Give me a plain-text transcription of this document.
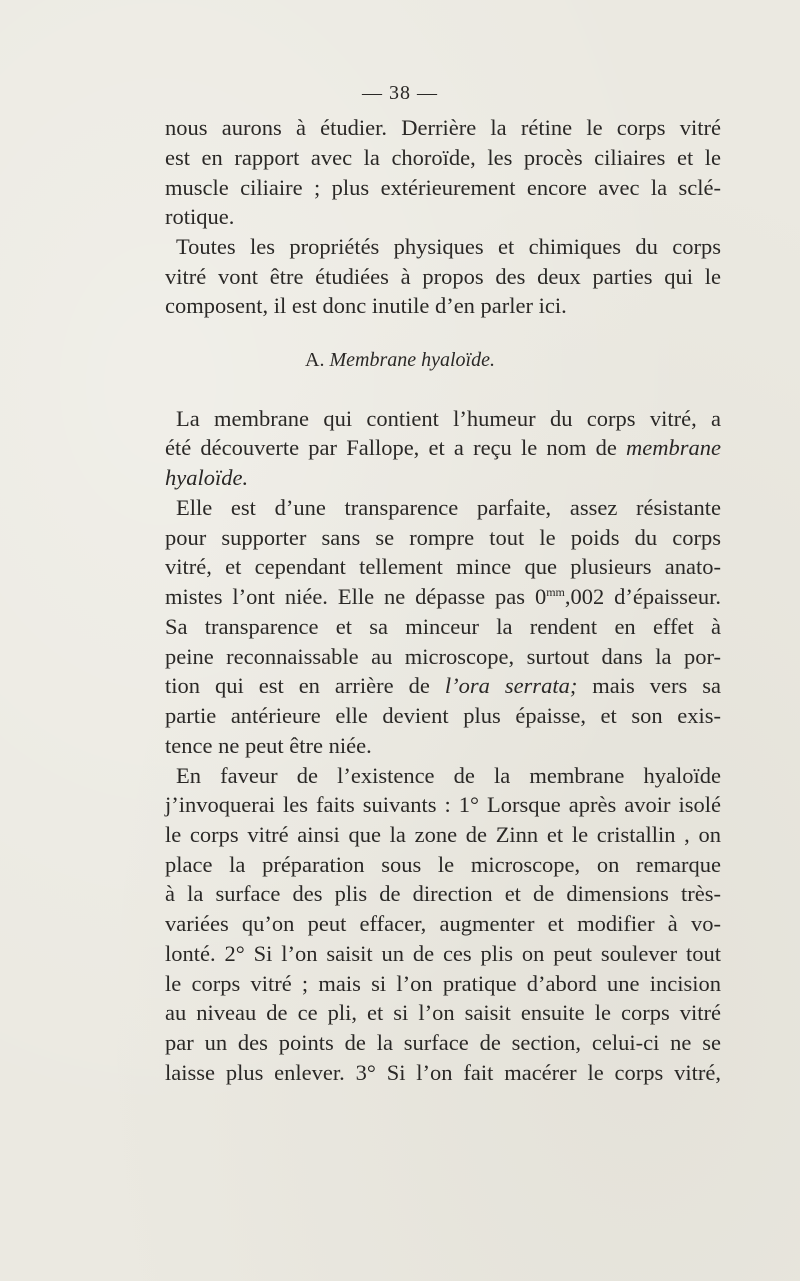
— 38 —
nous aurons à étudier. Derrière la rétine le corps vitré
est en rapport avec la choroïde, les procès ciliaires et le
muscle ciliaire ; plus extérieurement encore avec la sclé-
rotique.
Toutes les propriétés physiques et chimiques du corps
vitré vont être étudiées à propos des deux parties qui le
composent, il est donc inutile d’en parler ici.
A. Membrane hyaloïde.
La membrane qui contient l’humeur du corps vitré, a
été découverte par Fallope, et a reçu le nom de membrane
hyaloïde.
Elle est d’une transparence parfaite, assez résistante
pour supporter sans se rompre tout le poids du corps
vitré, et cependant tellement mince que plusieurs anato-
mistes l’ont niée. Elle ne dépasse pas $0^{mm},002$ d’épaisseur.
Sa transparence et sa minceur la rendent en effet à
peine reconnaissable au microscope, surtout dans la por-
tion qui est en arrière de l’ora serrata; mais vers sa
partie antérieure elle devient plus épaisse, et son exis-
tence ne peut être niée.
En faveur de l’existence de la membrane hyaloïde
j’invoquerai les faits suivants : 1° Lorsque après avoir isolé
le corps vitré ainsi que la zone de Zinn et le cristallin , on
place la préparation sous le microscope, on remarque
à la surface des plis de direction et de dimensions très-
variées qu’on peut effacer, augmenter et modifier à vo-
lonté. 2° Si l’on saisit un de ces plis on peut soulever tout
le corps vitré ; mais si l’on pratique d’abord une incision
au niveau de ce pli, et si l’on saisit ensuite le corps vitré
par un des points de la surface de section, celui-ci ne se
laisse plus enlever. 3° Si l’on fait macérer le corps vitré,
